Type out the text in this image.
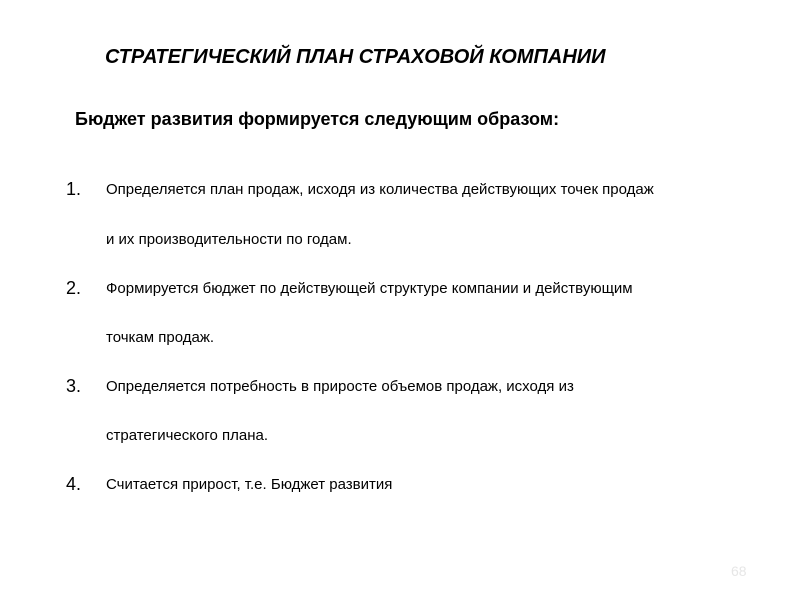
СТРАТЕГИЧЕСКИЙ ПЛАН СТРАХОВОЙ КОМПАНИИ
Бюджет развития формируется следующим образом:
1. Определяется план продаж, исходя из количества действующих точек продаж
и их производительности по годам.
2. Формируется бюджет по действующей структуре компании и действующим
точкам продаж.
3. Определяется потребность в приросте объемов продаж, исходя из
стратегического плана.
4. Считается прирост, т.е. Бюджет развития
68
